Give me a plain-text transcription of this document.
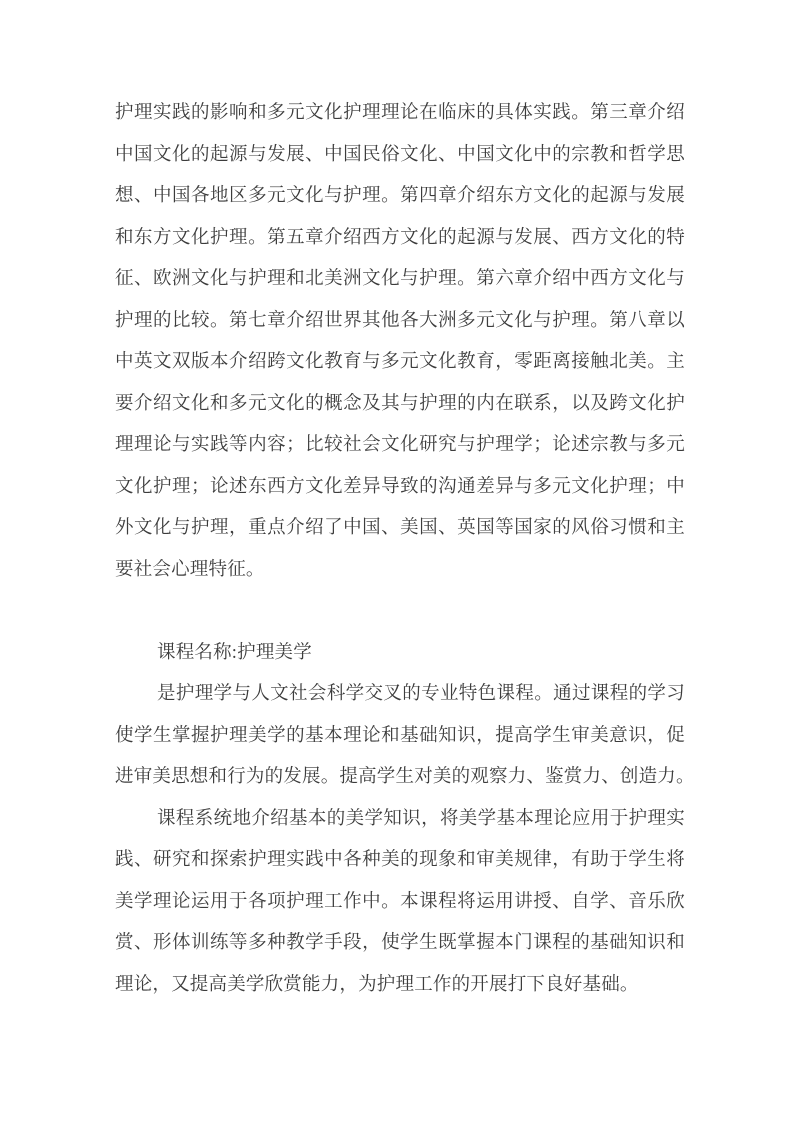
护理实践的影响和多元文化护理理论在临床的具体实践。第三章介绍
中国文化的起源与发展、中国民俗文化、中国文化中的宗教和哲学思
想、中国各地区多元文化与护理。第四章介绍东方文化的起源与发展
和东方文化护理。第五章介绍西方文化的起源与发展、西方文化的特
征、欧洲文化与护理和北美洲文化与护理。第六章介绍中西方文化与
护理的比较。第七章介绍世界其他各大洲多元文化与护理。第八章以
中英文双版本介绍跨文化教育与多元文化教育，零距离接触北美。主
要介绍文化和多元文化的概念及其与护理的内在联系，以及跨文化护
理理论与实践等内容；比较社会文化研究与护理学；论述宗教与多元
文化护理；论述东西方文化差异导致的沟通差异与多元文化护理；中
外文化与护理，重点介绍了中国、美国、英国等国家的风俗习惯和主
要社会心理特征。
课程名称:护理美学
是护理学与人文社会科学交叉的专业特色课程。通过课程的学习
使学生掌握护理美学的基本理论和基础知识，提高学生审美意识，促
进审美思想和行为的发展。提高学生对美的观察力、鉴赏力、创造力。
课程系统地介绍基本的美学知识，将美学基本理论应用于护理实
践、研究和探索护理实践中各种美的现象和审美规律，有助于学生将
美学理论运用于各项护理工作中。本课程将运用讲授、自学、音乐欣
赏、形体训练等多种教学手段，使学生既掌握本门课程的基础知识和
理论，又提高美学欣赏能力，为护理工作的开展打下良好基础。
